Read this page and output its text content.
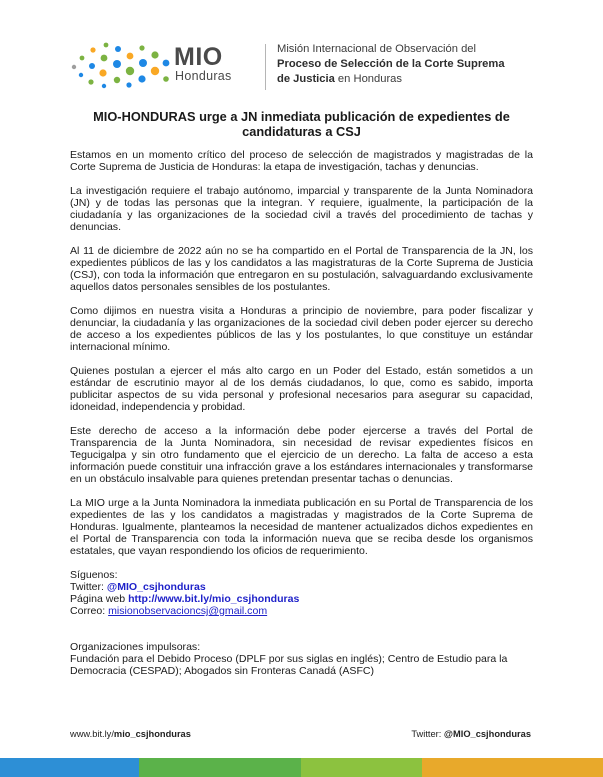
MIO
Honduras
Misión Internacional de Observación del
Proceso de Selección de la Corte Suprema
de Justicia en Honduras
MIO-HONDURAS urge a JN inmediata publicación de expedientes de candidaturas a CSJ

Estamos en un momento crítico del proceso de selección de magistrados y magistradas de la Corte Suprema de Justicia de Honduras: la etapa de investigación, tachas y denuncias.

La investigación requiere el trabajo autónomo, imparcial y transparente de la Junta Nominadora (JN) y de todas las personas que la integran. Y requiere, igualmente, la participación de la ciudadanía y las organizaciones de la sociedad civil a través del procedimiento de tachas y denuncias.

Al 11 de diciembre de 2022 aún no se ha compartido en el Portal de Transparencia de la JN, los expedientes públicos de las y los candidatos a las magistraturas de la Corte Suprema de Justicia (CSJ), con toda la información que entregaron en su postulación, salvaguardando exclusivamente aquellos datos personales sensibles de los postulantes.

Como dijimos en nuestra visita a Honduras a principio de noviembre, para poder fiscalizar y denunciar, la ciudadanía y las organizaciones de la sociedad civil deben poder ejercer su derecho de acceso a los expedientes públicos de las y los postulantes, lo que constituye un estándar internacional mínimo.

Quienes postulan a ejercer el más alto cargo en un Poder del Estado, están sometidos a un estándar de escrutinio mayor al de los demás ciudadanos, lo que, como es sabido, importa publicitar aspectos de su vida personal y profesional necesarios para asegurar su capacidad, idoneidad, independencia y probidad.

Este derecho de acceso a la información debe poder ejercerse a través del Portal de Transparencia de la Junta Nominadora, sin necesidad de revisar expedientes físicos en Tegucigalpa y sin otro fundamento que el ejercicio de un derecho. La falta de acceso a esta información puede constituir una infracción grave a los estándares internacionales y transformarse en un obstáculo insalvable para quienes pretendan presentar tachas o denuncias.

La MIO urge a la Junta Nominadora la inmediata publicación en su Portal de Transparencia de los expedientes de las y los candidatos a magistradas y magistrados de la Corte Suprema de Honduras. Igualmente, planteamos la necesidad de mantener actualizados dichos expedientes en el Portal de Transparencia con toda la información nueva que se reciba desde los organismos estatales, que vayan respondiendo los oficios de requerimiento.

Síguenos:
Twitter: @MIO_csjhonduras
Página web http://www.bit.ly/mio_csjhonduras
Correo: misionobservacioncsj@gmail.com
Organizaciones impulsoras:
Fundación para el Debido Proceso (DPLF por sus siglas en inglés); Centro de Estudio para la
Democracia (CESPAD); Abogados sin Fronteras Canadá (ASFC)
www.bit.ly/mio_csjhonduras	Twitter: @MIO_csjhonduras
